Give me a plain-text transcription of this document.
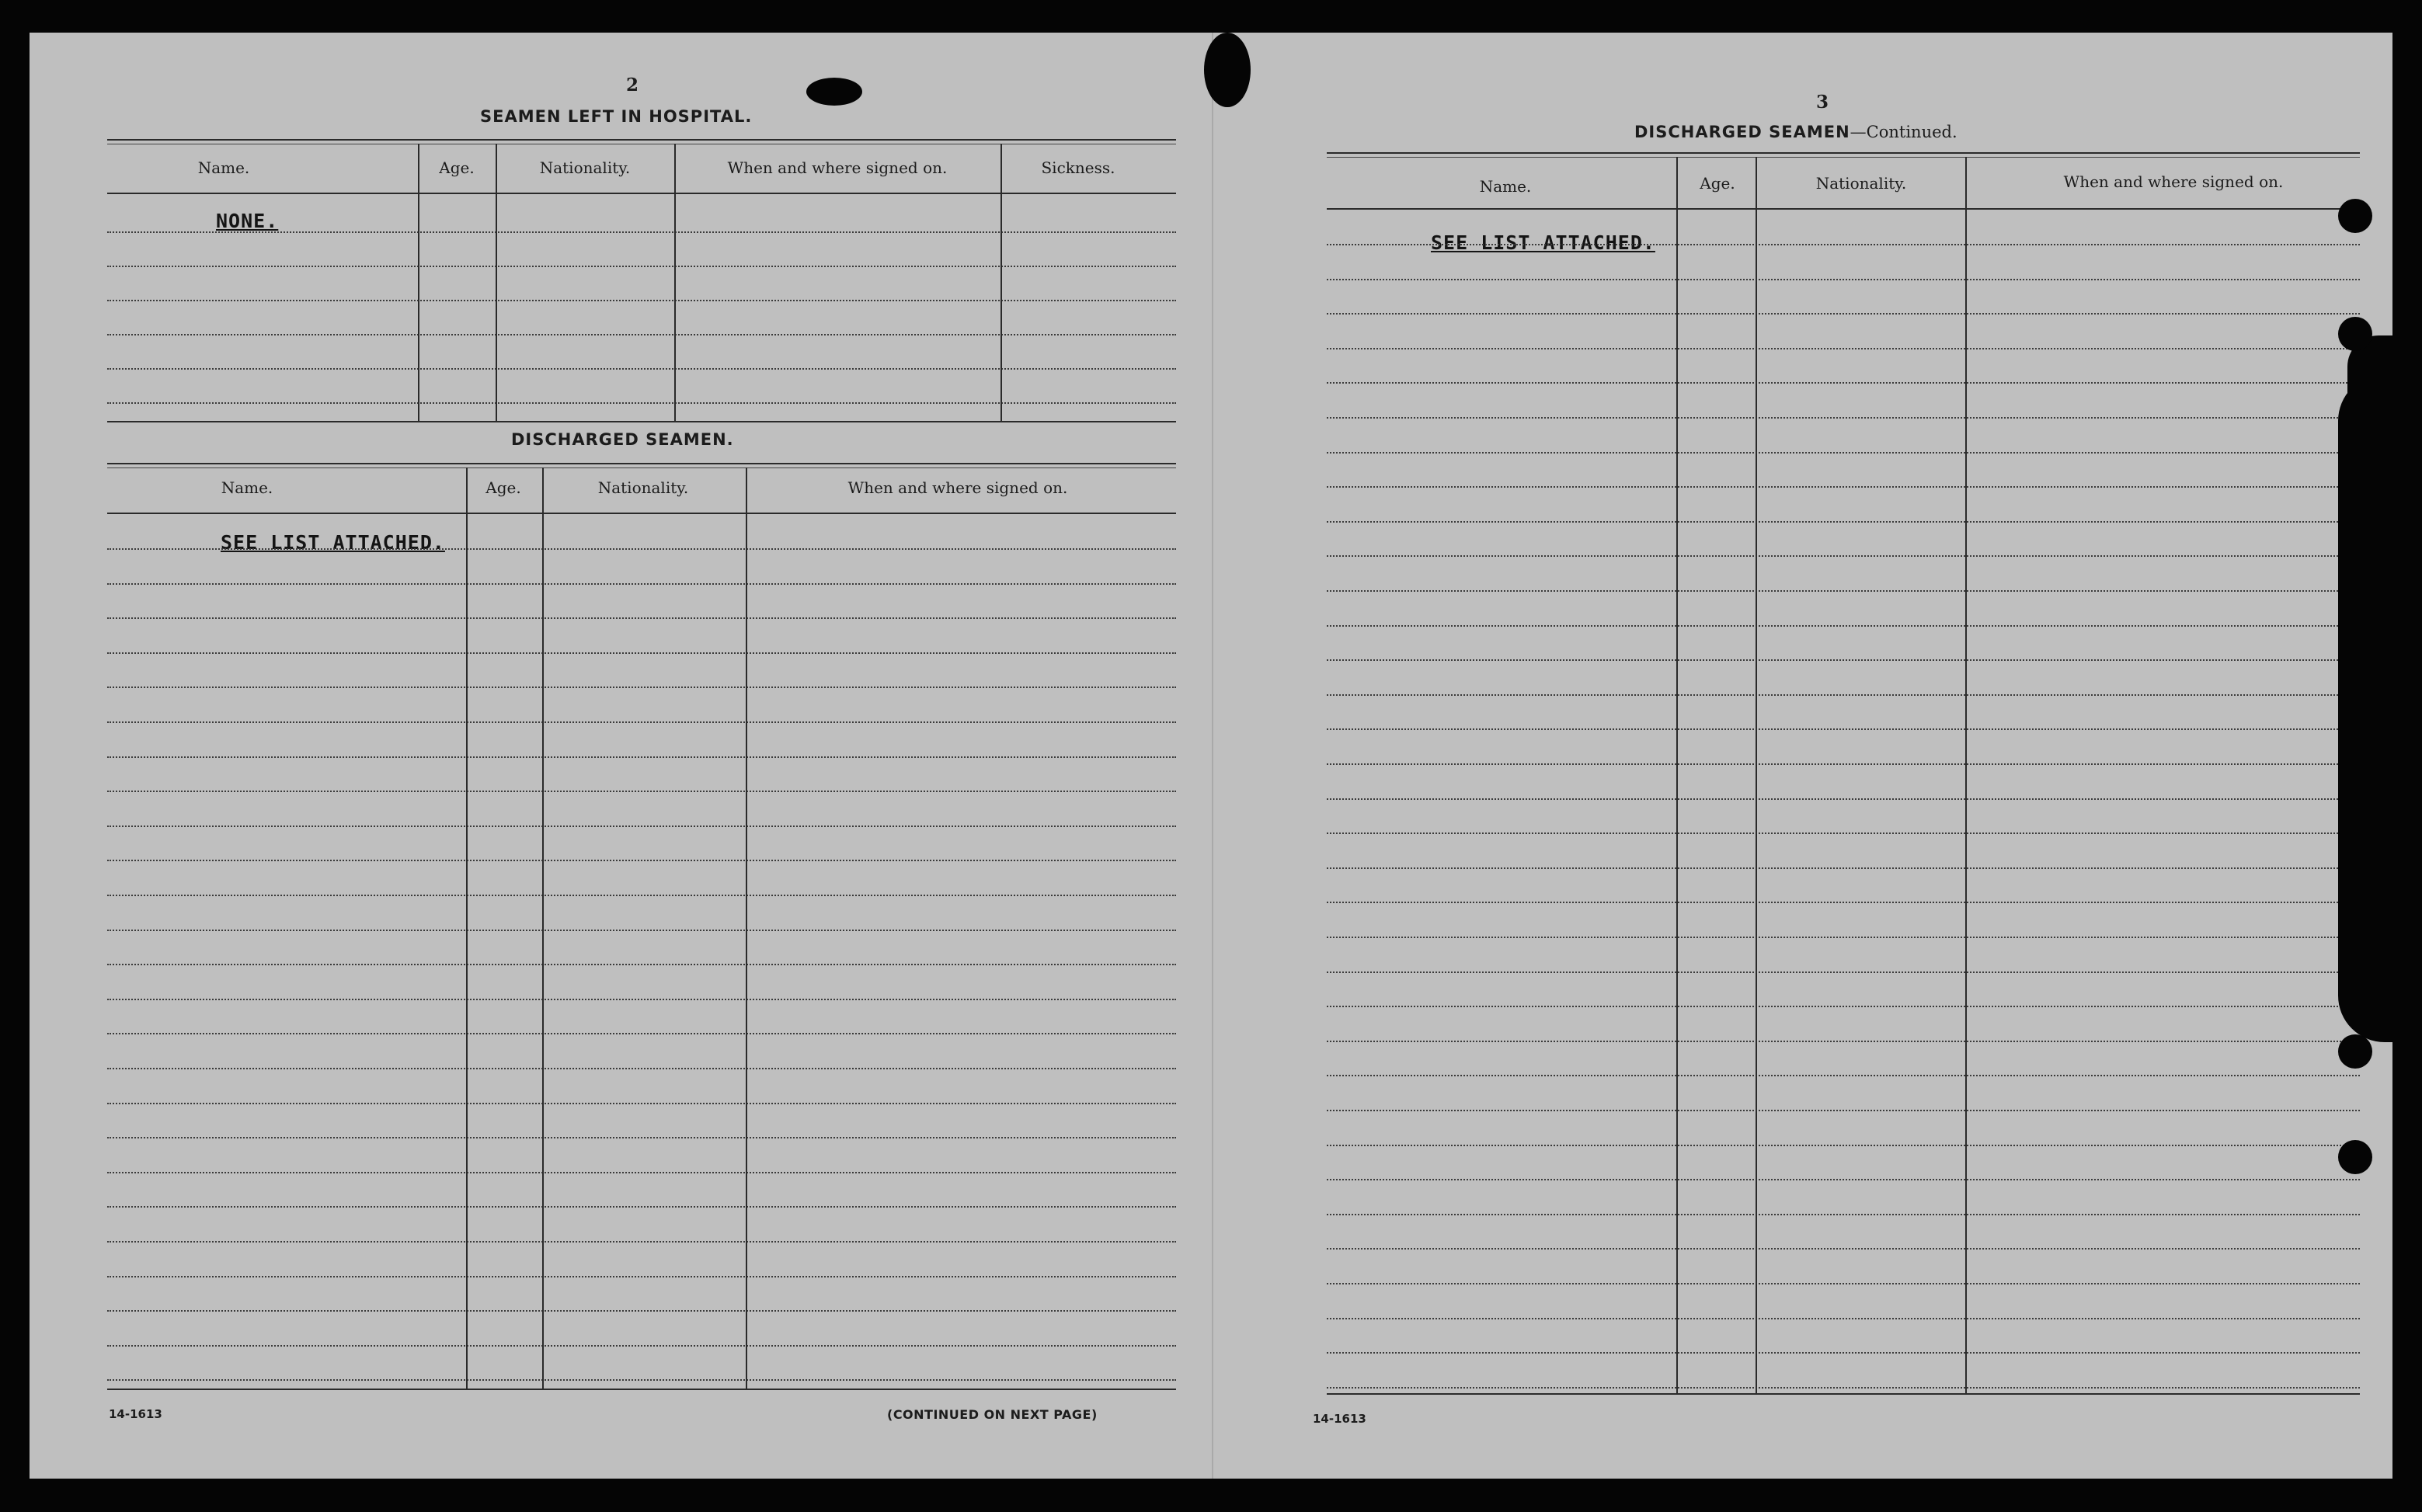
2
SEAMEN LEFT IN HOSPITAL.
Name.	Age.	Nationality.	When and where signed on.	Sickness.
NONE.
DISCHARGED SEAMEN.
Name.	Age.	Nationality.	When and where signed on.
SEE LIST ATTACHED.
14-1613	(CONTINUED ON NEXT PAGE)
3
DISCHARGED SEAMEN—Continued.
Name.	Age.	Nationality.	When and where signed on.
SEE LIST ATTACHED.
14-1613
